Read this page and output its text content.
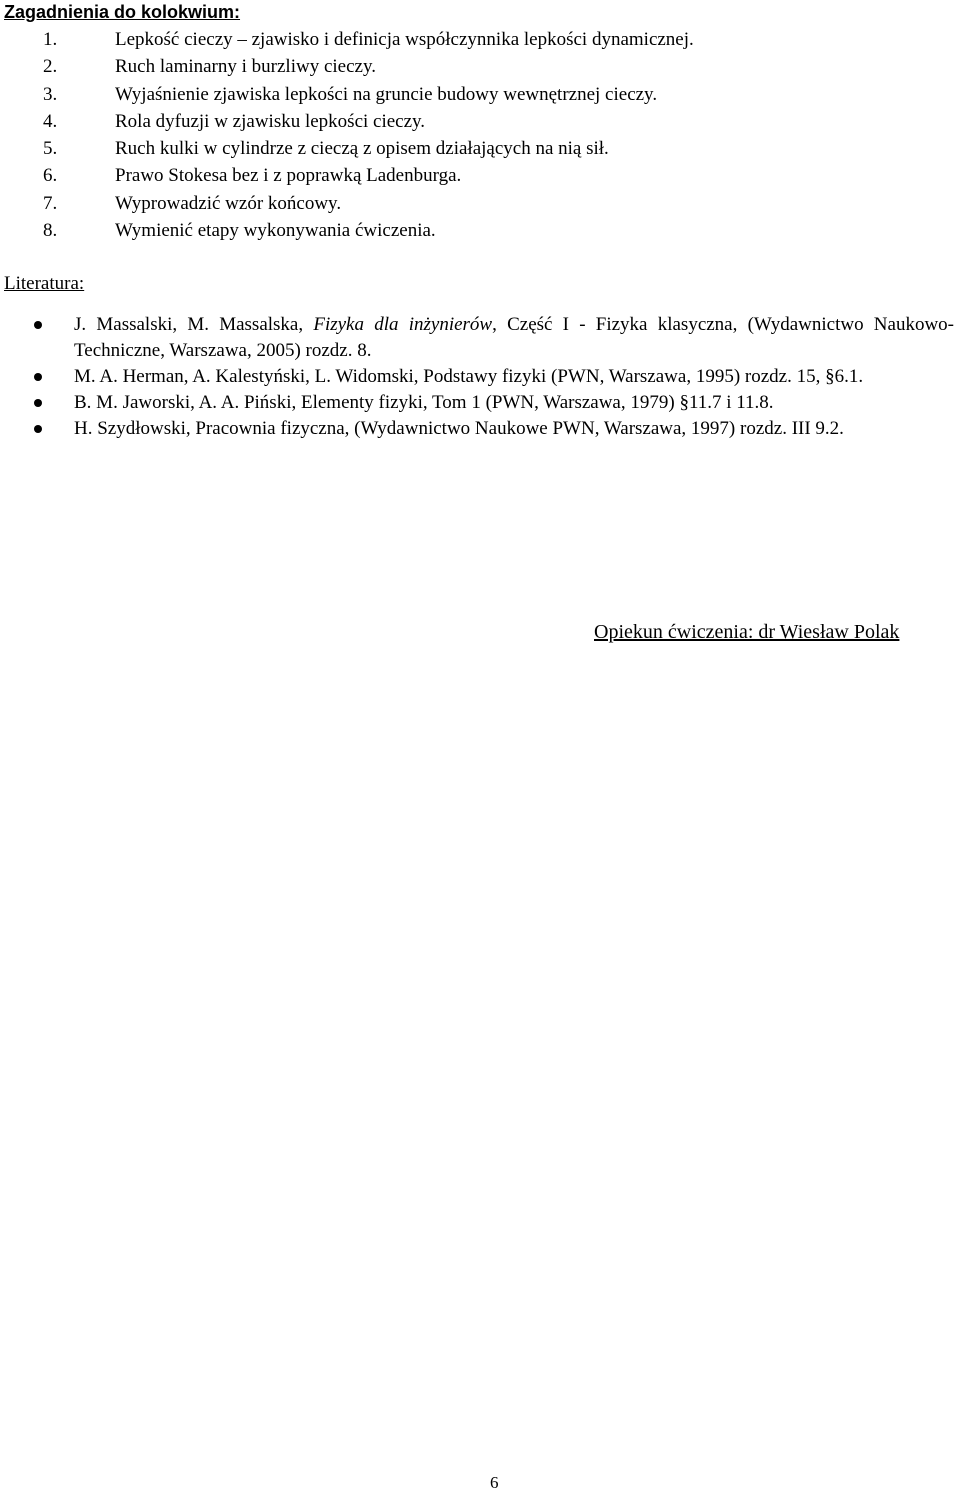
Zagadnienia do kolokwium:
1.	Lepkość cieczy – zjawisko i definicja współczynnika lepkości dynamicznej.
2.	Ruch laminarny i burzliwy cieczy.
3.	Wyjaśnienie zjawiska lepkości na gruncie budowy wewnętrznej cieczy.
4.	Rola dyfuzji w zjawisku lepkości cieczy.
5.	Ruch kulki w cylindrze z cieczą z opisem działających na nią sił.
6.	Prawo Stokesa bez i z poprawką Ladenburga.
7.	Wyprowadzić wzór końcowy.
8.	Wymienić etapy wykonywania ćwiczenia.
Literatura:
J. Massalski, M. Massalska, Fizyka dla inżynierów, Część I - Fizyka klasyczna, (Wydawnictwo Naukowo-Techniczne, Warszawa, 2005) rozdz. 8.
M. A. Herman, A. Kalestyński, L. Widomski, Podstawy fizyki (PWN, Warszawa, 1995) rozdz. 15, §6.1.
B. M. Jaworski, A. A. Piński, Elementy fizyki, Tom 1 (PWN, Warszawa, 1979) §11.7 i 11.8.
H. Szydłowski, Pracownia fizyczna, (Wydawnictwo Naukowe PWN, Warszawa, 1997) rozdz. III 9.2.
Opiekun ćwiczenia: dr Wiesław Polak
6
